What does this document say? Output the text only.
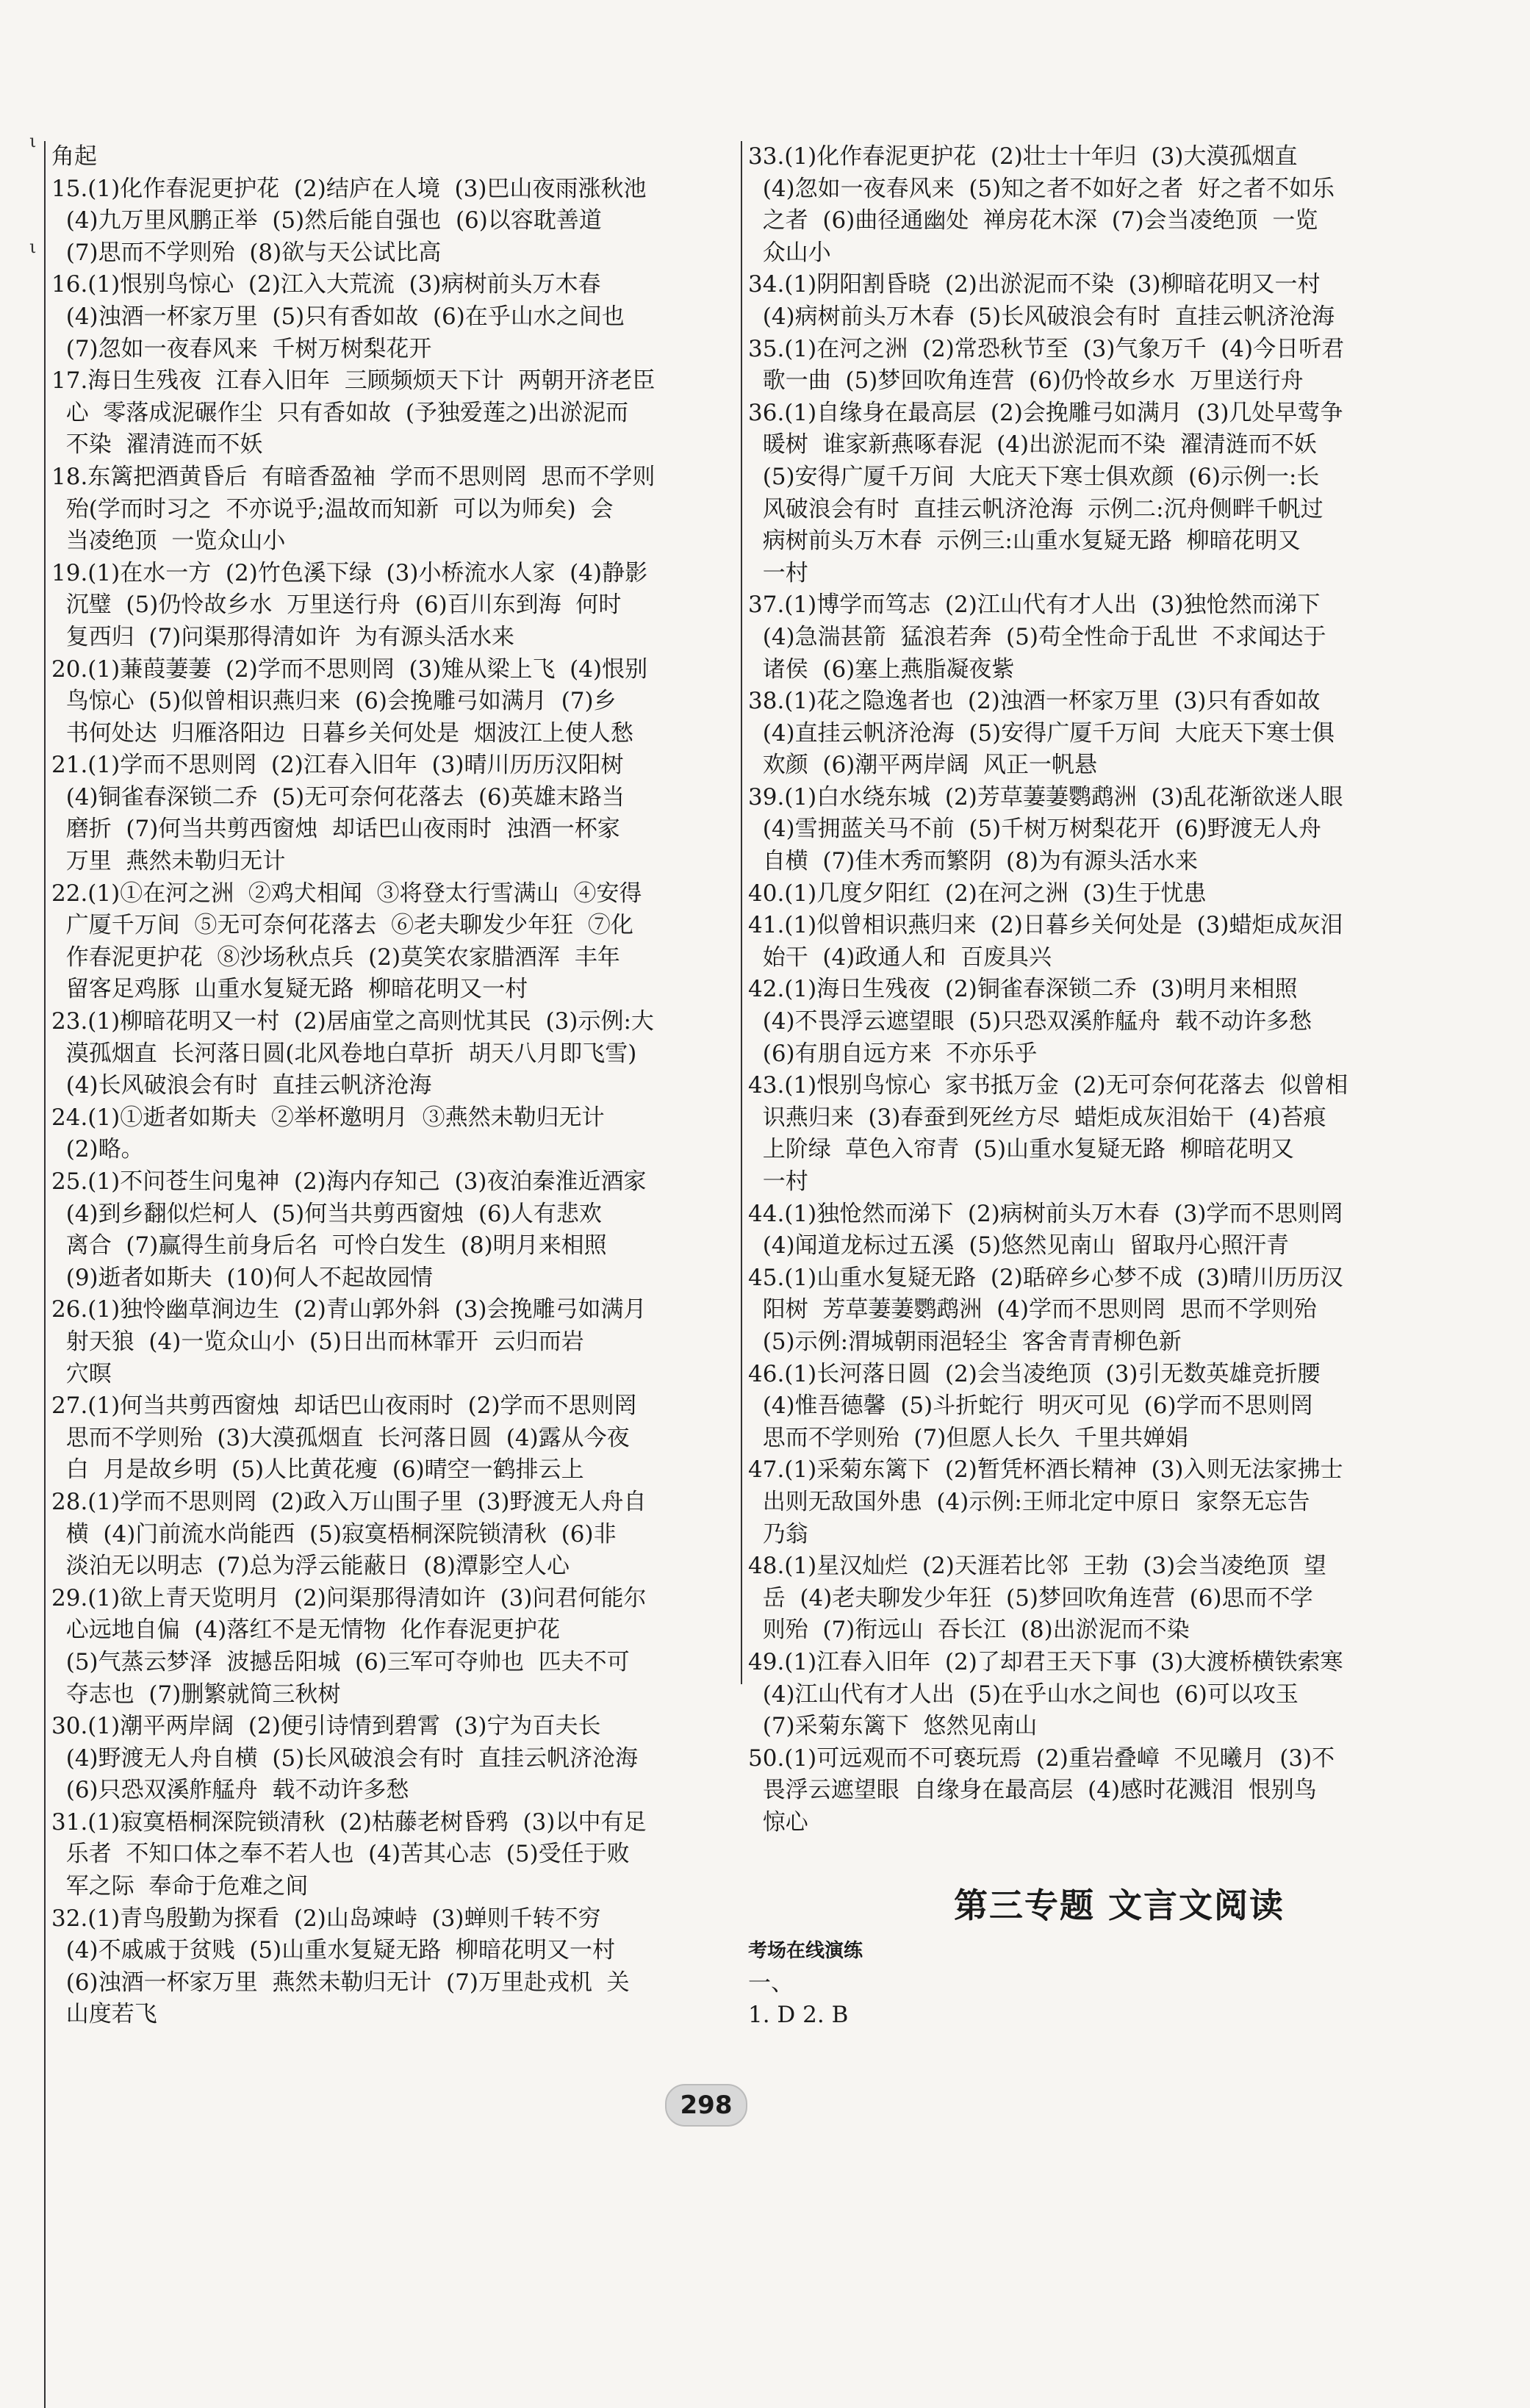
ι
ι

角起

15.(1)化作春泥更护花  (2)结庐在人境  (3)巴山夜雨涨秋池
(4)九万里风鹏正举  (5)然后能自强也  (6)以容耽善道
(7)思而不学则殆  (8)欲与天公试比高

16.(1)恨别鸟惊心  (2)江入大荒流  (3)病树前头万木春
(4)浊酒一杯家万里  (5)只有香如故  (6)在乎山水之间也
(7)忽如一夜春风来  千树万树梨花开

17.海日生残夜  江春入旧年  三顾频烦天下计  两朝开济老臣
心  零落成泥碾作尘  只有香如故  (予独爱莲之)出淤泥而
不染  濯清涟而不妖

18.东篱把酒黄昏后  有暗香盈袖  学而不思则罔  思而不学则
殆(学而时习之  不亦说乎;温故而知新  可以为师矣)  会
当凌绝顶  一览众山小

19.(1)在水一方  (2)竹色溪下绿  (3)小桥流水人家  (4)静影
沉璧  (5)仍怜故乡水  万里送行舟  (6)百川东到海  何时
复西归  (7)问渠那得清如许  为有源头活水来

20.(1)蒹葭萋萋  (2)学而不思则罔  (3)雉从梁上飞  (4)恨别
鸟惊心  (5)似曾相识燕归来  (6)会挽雕弓如满月  (7)乡
书何处达  归雁洛阳边  日暮乡关何处是  烟波江上使人愁

21.(1)学而不思则罔  (2)江春入旧年  (3)晴川历历汉阳树
(4)铜雀春深锁二乔  (5)无可奈何花落去  (6)英雄末路当
磨折  (7)何当共剪西窗烛  却话巴山夜雨时  浊酒一杯家
万里  燕然未勒归无计

22.(1)①在河之洲  ②鸡犬相闻  ③将登太行雪满山  ④安得
广厦千万间  ⑤无可奈何花落去  ⑥老夫聊发少年狂  ⑦化
作春泥更护花  ⑧沙场秋点兵  (2)莫笑农家腊酒浑  丰年
留客足鸡豚  山重水复疑无路  柳暗花明又一村

23.(1)柳暗花明又一村  (2)居庙堂之高则忧其民  (3)示例:大
漠孤烟直  长河落日圆(北风卷地白草折  胡天八月即飞雪)
(4)长风破浪会有时  直挂云帆济沧海

24.(1)①逝者如斯夫  ②举杯邀明月  ③燕然未勒归无计
(2)略。

25.(1)不问苍生问鬼神  (2)海内存知己  (3)夜泊秦淮近酒家
(4)到乡翻似烂柯人  (5)何当共剪西窗烛  (6)人有悲欢
离合  (7)赢得生前身后名  可怜白发生  (8)明月来相照
(9)逝者如斯夫  (10)何人不起故园情

26.(1)独怜幽草涧边生  (2)青山郭外斜  (3)会挽雕弓如满月
射天狼  (4)一览众山小  (5)日出而林霏开  云归而岩
穴暝

27.(1)何当共剪西窗烛  却话巴山夜雨时  (2)学而不思则罔
思而不学则殆  (3)大漠孤烟直  长河落日圆  (4)露从今夜
白  月是故乡明  (5)人比黄花瘦  (6)晴空一鹤排云上

28.(1)学而不思则罔  (2)政入万山围子里  (3)野渡无人舟自
横  (4)门前流水尚能西  (5)寂寞梧桐深院锁清秋  (6)非
淡泊无以明志  (7)总为浮云能蔽日  (8)潭影空人心

29.(1)欲上青天览明月  (2)问渠那得清如许  (3)问君何能尔
心远地自偏  (4)落红不是无情物  化作春泥更护花
(5)气蒸云梦泽  波撼岳阳城  (6)三军可夺帅也  匹夫不可
夺志也  (7)删繁就简三秋树

30.(1)潮平两岸阔  (2)便引诗情到碧霄  (3)宁为百夫长
(4)野渡无人舟自横  (5)长风破浪会有时  直挂云帆济沧海
(6)只恐双溪舴艋舟  载不动许多愁

31.(1)寂寞梧桐深院锁清秋  (2)枯藤老树昏鸦  (3)以中有足
乐者  不知口体之奉不若人也  (4)苦其心志  (5)受任于败
军之际  奉命于危难之间

32.(1)青鸟殷勤为探看  (2)山岛竦峙  (3)蝉则千转不穷
(4)不戚戚于贫贱  (5)山重水复疑无路  柳暗花明又一村
(6)浊酒一杯家万里  燕然未勒归无计  (7)万里赴戎机  关
山度若飞

33.(1)化作春泥更护花  (2)壮士十年归  (3)大漠孤烟直
(4)忽如一夜春风来  (5)知之者不如好之者  好之者不如乐
之者  (6)曲径通幽处  禅房花木深  (7)会当凌绝顶  一览
众山小

34.(1)阴阳割昏晓  (2)出淤泥而不染  (3)柳暗花明又一村
(4)病树前头万木春  (5)长风破浪会有时  直挂云帆济沧海

35.(1)在河之洲  (2)常恐秋节至  (3)气象万千  (4)今日听君
歌一曲  (5)梦回吹角连营  (6)仍怜故乡水  万里送行舟

36.(1)自缘身在最高层  (2)会挽雕弓如满月  (3)几处早莺争
暖树  谁家新燕啄春泥  (4)出淤泥而不染  濯清涟而不妖
(5)安得广厦千万间  大庇天下寒士俱欢颜  (6)示例一:长
风破浪会有时  直挂云帆济沧海  示例二:沉舟侧畔千帆过
病树前头万木春  示例三:山重水复疑无路  柳暗花明又
一村

37.(1)博学而笃志  (2)江山代有才人出  (3)独怆然而涕下
(4)急湍甚箭  猛浪若奔  (5)苟全性命于乱世  不求闻达于
诸侯  (6)塞上燕脂凝夜紫

38.(1)花之隐逸者也  (2)浊酒一杯家万里  (3)只有香如故
(4)直挂云帆济沧海  (5)安得广厦千万间  大庇天下寒士俱
欢颜  (6)潮平两岸阔  风正一帆悬

39.(1)白水绕东城  (2)芳草萋萋鹦鹉洲  (3)乱花渐欲迷人眼
(4)雪拥蓝关马不前  (5)千树万树梨花开  (6)野渡无人舟
自横  (7)佳木秀而繁阴  (8)为有源头活水来

40.(1)几度夕阳红  (2)在河之洲  (3)生于忧患

41.(1)似曾相识燕归来  (2)日暮乡关何处是  (3)蜡炬成灰泪
始干  (4)政通人和  百废具兴

42.(1)海日生残夜  (2)铜雀春深锁二乔  (3)明月来相照
(4)不畏浮云遮望眼  (5)只恐双溪舴艋舟  载不动许多愁
(6)有朋自远方来  不亦乐乎

43.(1)恨别鸟惊心  家书抵万金  (2)无可奈何花落去  似曾相
识燕归来  (3)春蚕到死丝方尽  蜡炬成灰泪始干  (4)苔痕
上阶绿  草色入帘青  (5)山重水复疑无路  柳暗花明又
一村

44.(1)独怆然而涕下  (2)病树前头万木春  (3)学而不思则罔
(4)闻道龙标过五溪  (5)悠然见南山  留取丹心照汗青

45.(1)山重水复疑无路  (2)聒碎乡心梦不成  (3)晴川历历汉
阳树  芳草萋萋鹦鹉洲  (4)学而不思则罔  思而不学则殆
(5)示例:渭城朝雨浥轻尘  客舍青青柳色新

46.(1)长河落日圆  (2)会当凌绝顶  (3)引无数英雄竞折腰
(4)惟吾德馨  (5)斗折蛇行  明灭可见  (6)学而不思则罔
思而不学则殆  (7)但愿人长久  千里共婵娟

47.(1)采菊东篱下  (2)暂凭杯酒长精神  (3)入则无法家拂士
出则无敌国外患  (4)示例:王师北定中原日  家祭无忘告
乃翁

48.(1)星汉灿烂  (2)天涯若比邻  王勃  (3)会当凌绝顶  望
岳  (4)老夫聊发少年狂  (5)梦回吹角连营  (6)思而不学
则殆  (7)衔远山  吞长江  (8)出淤泥而不染

49.(1)江春入旧年  (2)了却君王天下事  (3)大渡桥横铁索寒
(4)江山代有才人出  (5)在乎山水之间也  (6)可以攻玉
(7)采菊东篱下  悠然见南山

50.(1)可远观而不可亵玩焉  (2)重岩叠嶂  不见曦月  (3)不
畏浮云遮望眼  自缘身在最高层  (4)感时花溅泪  恨别鸟
惊心

第三专题 文言文阅读

考场在线演练

一、

1. D 2. B

298
